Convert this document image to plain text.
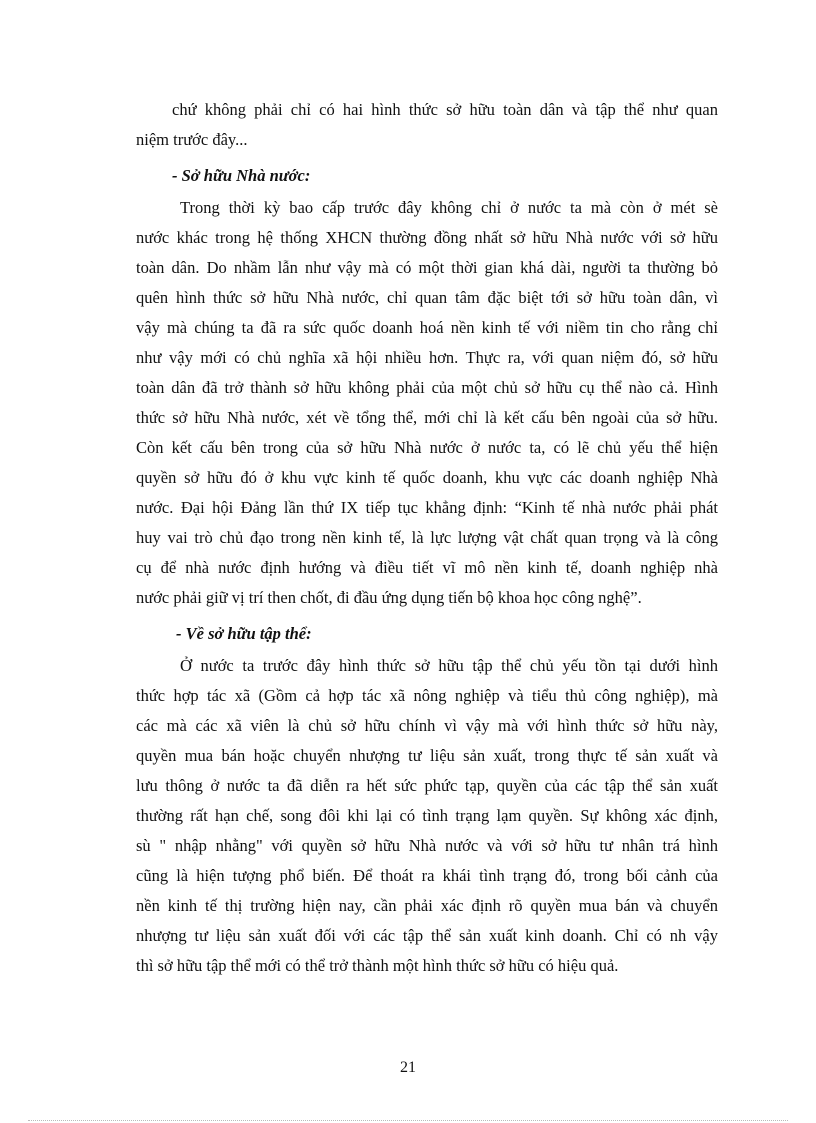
chứ không phải chỉ có hai hình thức sở hữu toàn dân và tập thể như quan
niệm trước đây...
- Sở hữu Nhà nước:
Trong thời kỳ bao cấp trước đây không chỉ ở nước ta mà còn ở mét sè
nước khác trong hệ thống XHCN thường đồng nhất sở hữu Nhà nước với sở hữu
toàn dân. Do nhầm lẫn như vậy mà có một thời gian khá dài, người ta thường bỏ
quên hình thức sở hữu Nhà nước, chỉ quan tâm đặc biệt tới sở hữu toàn dân, vì
vậy mà chúng ta đã ra sức quốc doanh hoá nền kinh tế với niềm tin cho rằng chỉ
như vậy mới có chủ nghĩa xã hội nhiều hơn. Thực ra, với quan niệm đó, sở hữu
toàn dân đã trở thành sở hữu không phải của một chủ sở hữu cụ thể nào cả. Hình
thức sở hữu Nhà nước, xét về tổng thể, mới chỉ là kết cấu bên ngoài của sở hữu.
Còn kết cấu bên trong của sở hữu Nhà nước ở nước ta, có lẽ chủ yếu thể hiện
quyền sở hữu đó ở khu vực kinh tế quốc doanh, khu vực các doanh nghiệp Nhà
nước. Đại hội Đảng lần thứ IX tiếp tục khẳng định: “Kinh tế nhà nước phải phát
huy vai trò chủ đạo trong nền kinh tế, là lực lượng vật chất quan trọng và là công
cụ để nhà nước định hướng và điều tiết vĩ mô nền kinh tế, doanh nghiệp nhà
nước phải giữ vị trí then chốt, đi đầu ứng dụng tiến bộ khoa học công nghệ”.
- Về sở hữu tập thể:
Ở nước ta trước đây hình thức sở hữu tập thể chủ yếu tồn tại dưới hình
thức hợp tác xã (Gồm cả hợp tác xã nông nghiệp và tiểu thủ công nghiệp), mà
các mà các xã viên là chủ sở hữu chính vì vậy mà với hình thức sở hữu này,
quyền mua bán hoặc chuyển nhượng tư liệu sản xuất, trong thực tế sản xuất và
lưu thông ở nước ta đã diễn ra hết sức phức tạp, quyền của các tập thể sản xuất
thường rất hạn chế, song đôi khi lại có tình trạng lạm quyền. Sự không xác định,
sù " nhập nhằng" với quyền sở hữu Nhà nước và với sở hữu tư nhân trá hình
cũng là hiện tượng phổ biến. Để thoát ra khái tình trạng đó, trong bối cảnh của
nền kinh tế thị trường hiện nay, cần phải xác định rõ quyền mua bán và chuyển
nhượng tư liệu sản xuất đối với các tập thể sản xuất kinh doanh. Chỉ có nh vậy
thì sở hữu tập thể mới có thể trở thành một hình thức sở hữu có hiệu quả.
21
